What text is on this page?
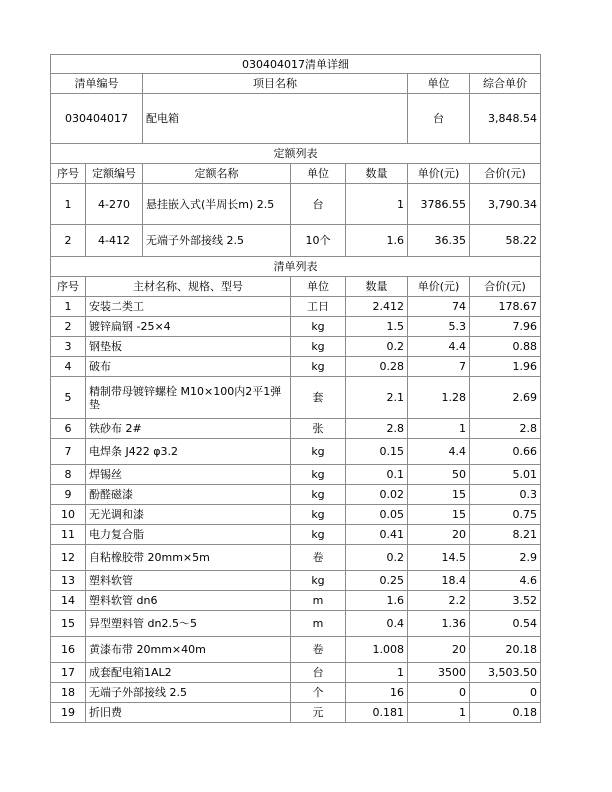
030404017清单详细						
清单编号		项目名称			单位	综合单价
030404017		配电箱			台	3,848.54
定额列表						
序号	定额编号	定额名称	单位	数量	单价(元)	合价(元)
1	4-270	悬挂嵌入式(半周长m) 2.5	台	1	3786.55	3,790.34
2	4-412	无端子外部接线 2.5	10个	1.6	36.35	58.22
清单列表						
序号	主材名称、规格、型号		单位	数量	单价(元)	合价(元)
1	安装二类工		工日	2.412	74	178.67
2	镀锌扁钢 -25×4		kg	1.5	5.3	7.96
3	钢垫板		kg	0.2	4.4	0.88
4	破布		kg	0.28	7	1.96
5	精制带母镀锌螺栓 M10×100内2平1弹垫		套	2.1	1.28	2.69
6	铁砂布 2#		张	2.8	1	2.8
7	电焊条 J422 φ3.2		kg	0.15	4.4	0.66
8	焊锡丝		kg	0.1	50	5.01
9	酚醛磁漆		kg	0.02	15	0.3
10	无光调和漆		kg	0.05	15	0.75
11	电力复合脂		kg	0.41	20	8.21
12	自粘橡胶带 20mm×5m		卷	0.2	14.5	2.9
13	塑料软管		kg	0.25	18.4	4.6
14	塑料软管 dn6		m	1.6	2.2	3.52
15	异型塑料管 dn2.5～5		m	0.4	1.36	0.54
16	黄漆布带 20mm×40m		卷	1.008	20	20.18
17	成套配电箱1AL2		台	1	3500	3,503.50
18	无端子外部接线 2.5		个	16	0	0
19	折旧费		元	0.181	1	0.18
